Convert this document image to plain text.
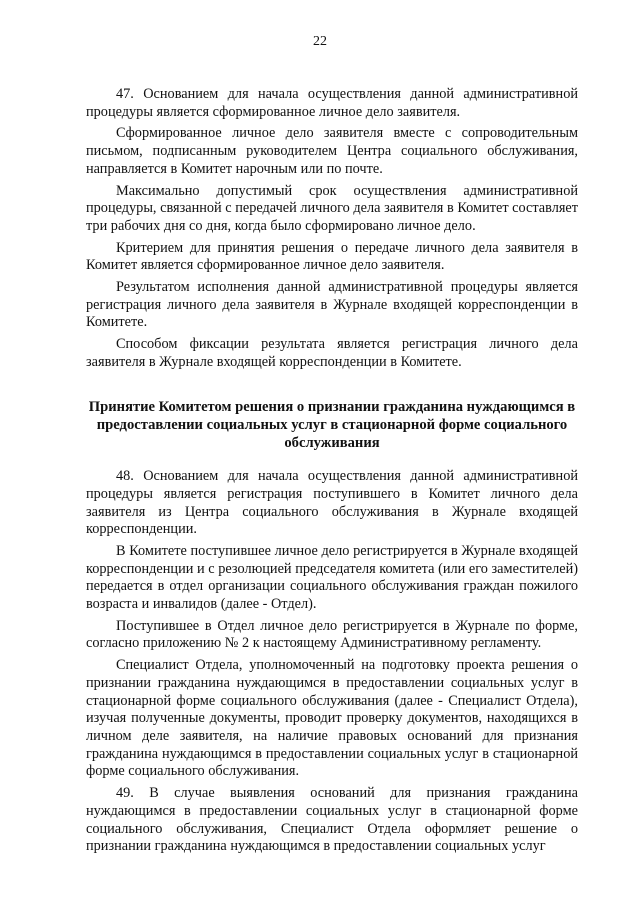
22

47. Основанием для начала осуществления данной административной процедуры является сформированное личное дело заявителя.

Сформированное личное дело заявителя вместе с сопроводительным письмом, подписанным руководителем Центра социального обслуживания, направляется в Комитет нарочным или по почте.

Максимально допустимый срок осуществления административной процедуры, связанной с передачей личного дела заявителя в Комитет составляет три рабочих дня со дня, когда было сформировано личное дело.

Критерием для принятия решения о передаче личного дела заявителя в Комитет является сформированное личное дело заявителя.

Результатом исполнения данной административной процедуры является регистрация личного дела заявителя в Журнале входящей корреспонденции в Комитете.

Способом фиксации результата является регистрация личного дела заявителя в Журнале входящей корреспонденции в Комитете.

Принятие Комитетом решения о признании гражданина нуждающимся в предоставлении социальных услуг в стационарной форме социального обслуживания

48. Основанием для начала осуществления данной административной процедуры является регистрация поступившего в Комитет личного дела заявителя из Центра социального обслуживания в Журнале входящей корреспонденции.

В Комитете поступившее личное дело регистрируется в Журнале входящей корреспонденции и с резолюцией председателя комитета (или его заместителей) передается в отдел организации социального обслуживания граждан пожилого возраста и инвалидов (далее - Отдел).

Поступившее в Отдел личное дело регистрируется в Журнале по форме, согласно приложению № 2 к настоящему Административному регламенту.

Специалист Отдела, уполномоченный на подготовку проекта решения о признании гражданина нуждающимся в предоставлении социальных услуг в стационарной форме социального обслуживания (далее - Специалист Отдела), изучая полученные документы, проводит проверку документов, находящихся в личном деле заявителя, на наличие правовых оснований для признания гражданина нуждающимся в предоставлении социальных услуг в стационарной форме социального обслуживания.

49. В случае выявления оснований для признания гражданина нуждающимся в предоставлении социальных услуг в стационарной форме социального обслуживания, Специалист Отдела оформляет решение о признании гражданина нуждающимся в предоставлении социальных услуг
